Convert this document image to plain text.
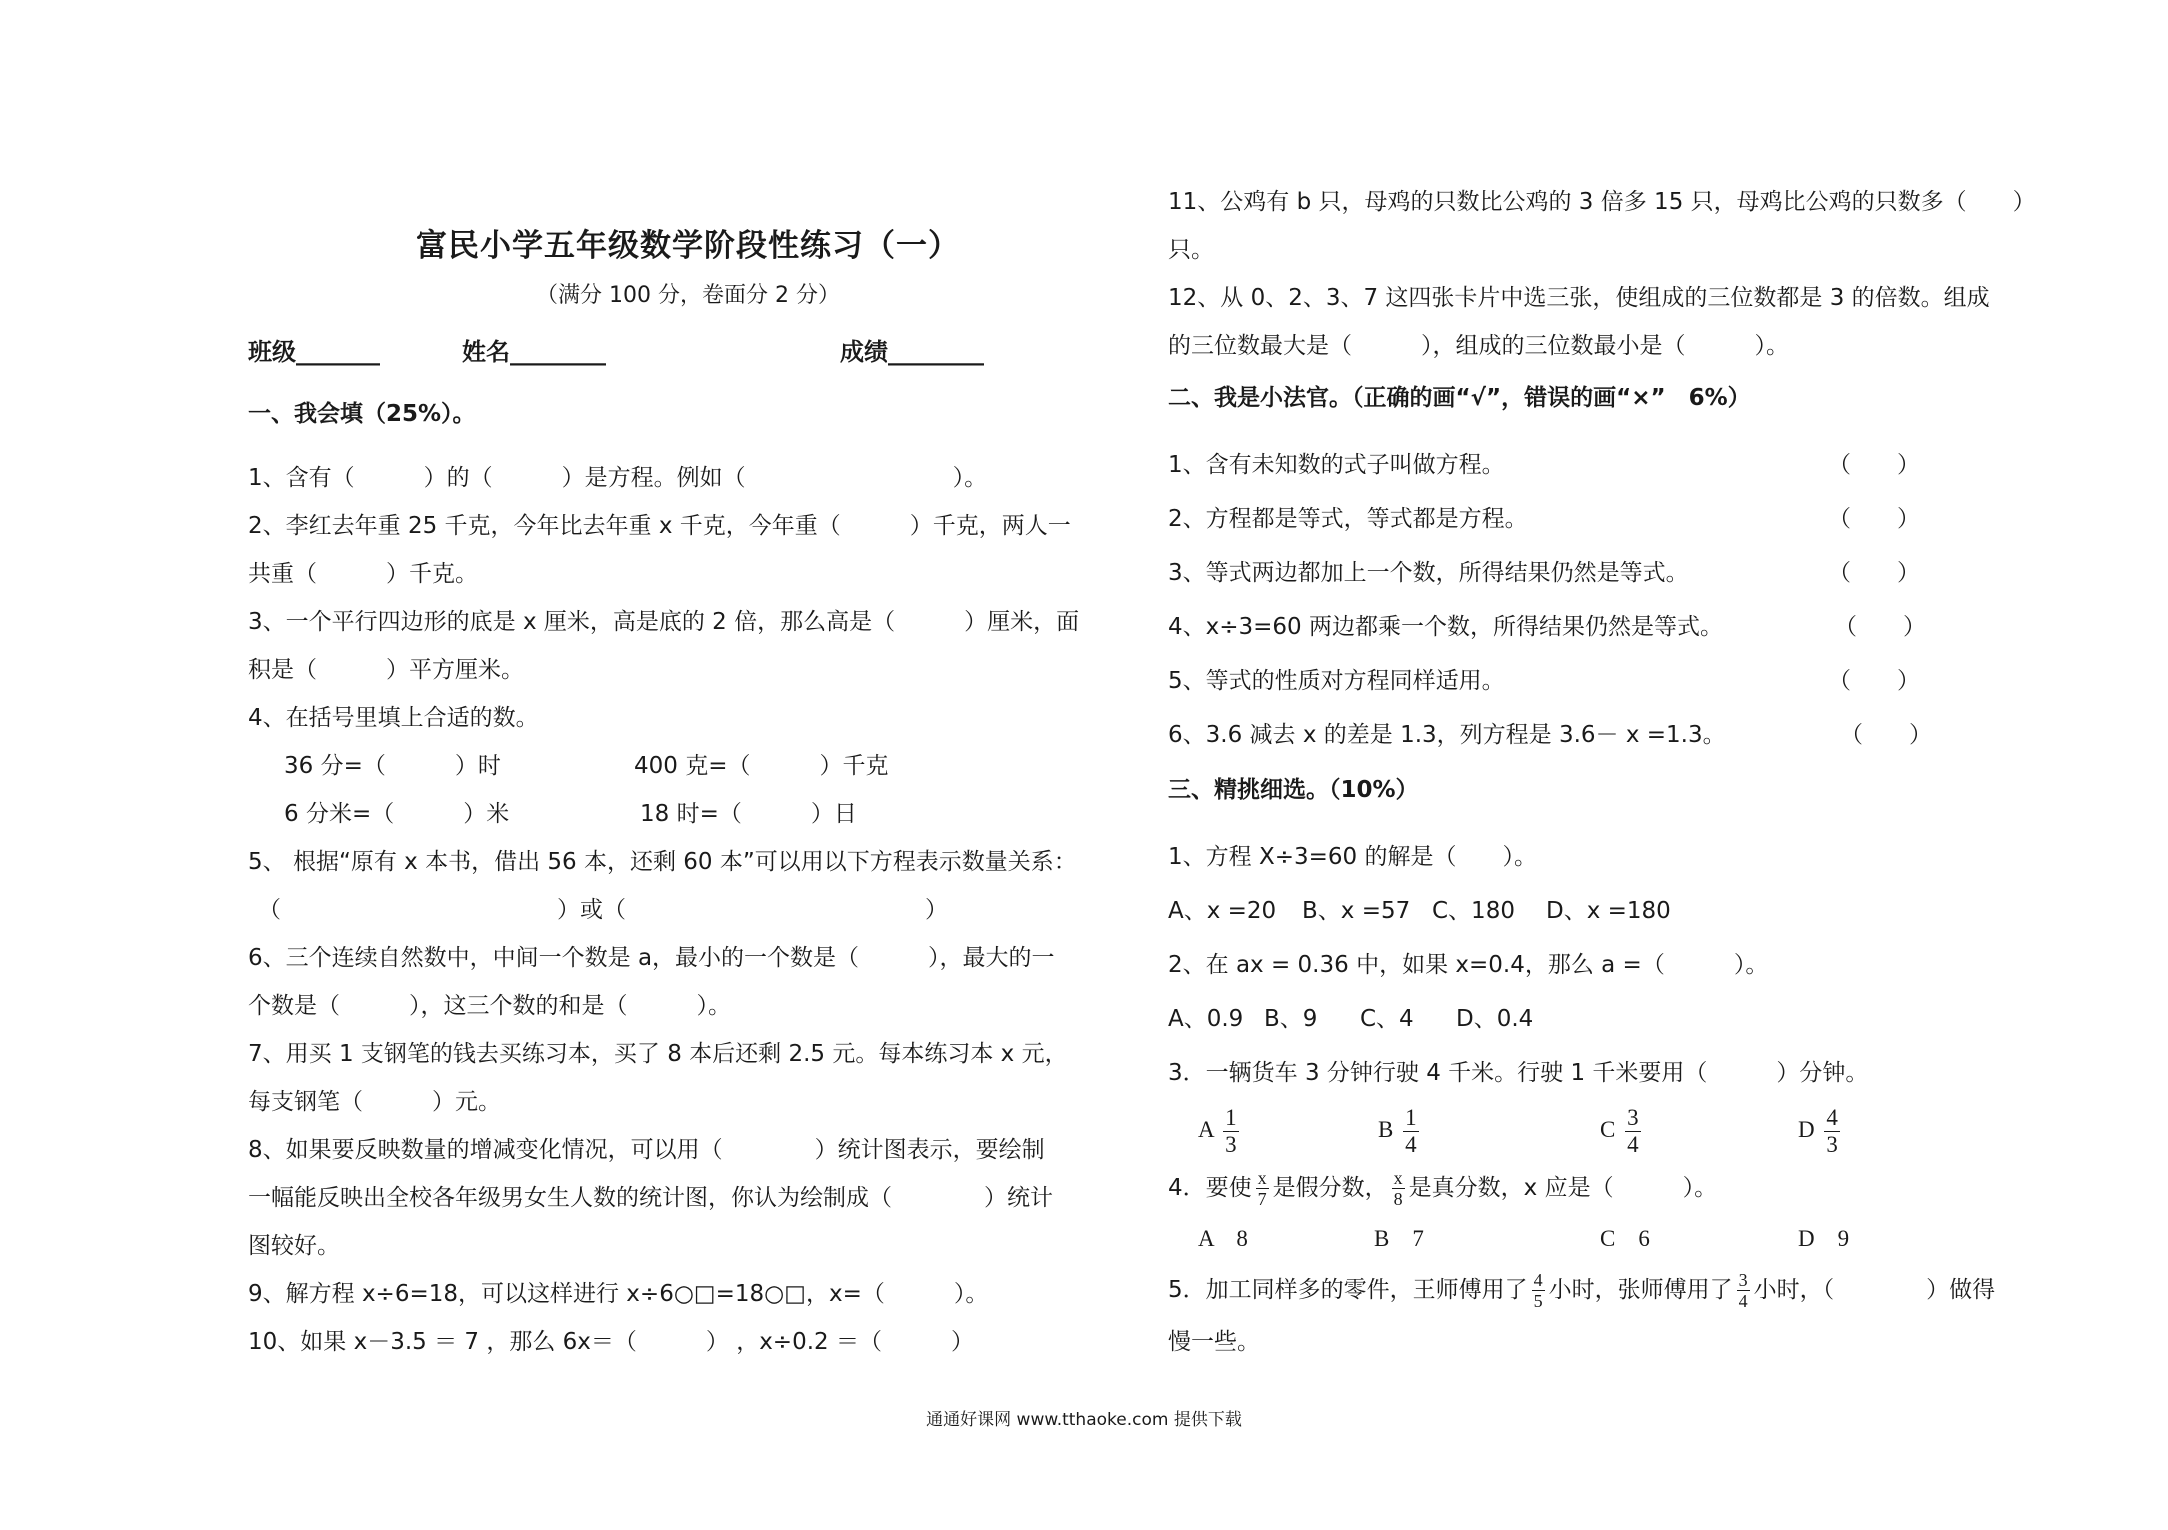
富民小学五年级数学阶段性练习（一）
（满分 100 分，卷面分 2 分）
班级_______	姓名________	成绩________
一、我会填（25%）。
1、含有（　　　）的（　　　）是方程。例如（　　　　　　　　　）。
2、李红去年重 25 千克，今年比去年重 x 千克，今年重（　　　）千克，两人一
共重（　　　）千克。
3、一个平行四边形的底是 x 厘米，高是底的 2 倍，那么高是（　　　）厘米，面
积是（　　　）平方厘米。
4、在括号里填上合适的数。
36 分=（　　　）时	400 克=（　　　）千克
6 分米=（　　　）米	18 时=（　　　）日
5、 根据“原有 x 本书，借出 56 本，还剩 60 本”可以用以下方程表示数量关系：
（　　　　　　　　　　　　）或（　　　　　　　　　　　　　）
6、三个连续自然数中，中间一个数是 a，最小的一个数是（　　　），最大的一
个数是（　　　），这三个数的和是（　　　）。
7、用买 1 支钢笔的钱去买练习本，买了 8 本后还剩 2.5 元。每本练习本 x 元，
每支钢笔（　　　）元。
8、如果要反映数量的增减变化情况，可以用（　　　　）统计图表示，要绘制
一幅能反映出全校各年级男女生人数的统计图，你认为绘制成（　　　　）统计
图较好。
9、解方程 x÷6=18，可以这样进行 x÷6○□=18○□，x=（　　　）。
10、如果 x－3.5 ＝ 7 ，那么 6x＝（　　　） ，x÷0.2 ＝（　　　）
11、公鸡有 b 只，母鸡的只数比公鸡的 3 倍多 15 只，母鸡比公鸡的只数多（　　）
只。
12、从 0、2、3、7 这四张卡片中选三张，使组成的三位数都是 3 的倍数。组成
的三位数最大是（　　　），组成的三位数最小是（　　　）。
二、我是小法官。（正确的画“√”，错误的画“×”　6%）
1、含有未知数的式子叫做方程。	（　　）
2、方程都是等式，等式都是方程。	（　　）
3、等式两边都加上一个数，所得结果仍然是等式。	（　　）
4、x÷3=60 两边都乘一个数，所得结果仍然是等式。	（　　）
5、等式的性质对方程同样适用。	（　　）
6、3.6 减去 x 的差是 1.3，列方程是 3.6－ x =1.3。	（　　）
三、精挑细选。（10%）
1、方程 X÷3=60 的解是（　　）。
A、x =20 B、x =57 C、180 D、x =180
2、在 ax = 0.36 中，如果 x=0.4，那么 a =（　　　）。
A、0.9 B、9 C、4 D、0.4
3．一辆货车 3 分钟行驶 4 千米。行驶 1 千米要用（　　　）分钟。
A $\frac{1}{3}$	B $\frac{1}{4}$	C $\frac{3}{4}$	D $\frac{4}{3}$
4．要使 $\frac{x}{7}$ 是假分数， $\frac{x}{8}$ 是真分数，x 应是（　　　）。
A　8	B　7	C　6	D　9
5．加工同样多的零件，王师傅用了 $\frac{4}{5}$ 小时，张师傅用了 $\frac{3}{4}$ 小时，（　　　　）做得
慢一些。
通通好课网 www.tthaoke.com 提供下载
